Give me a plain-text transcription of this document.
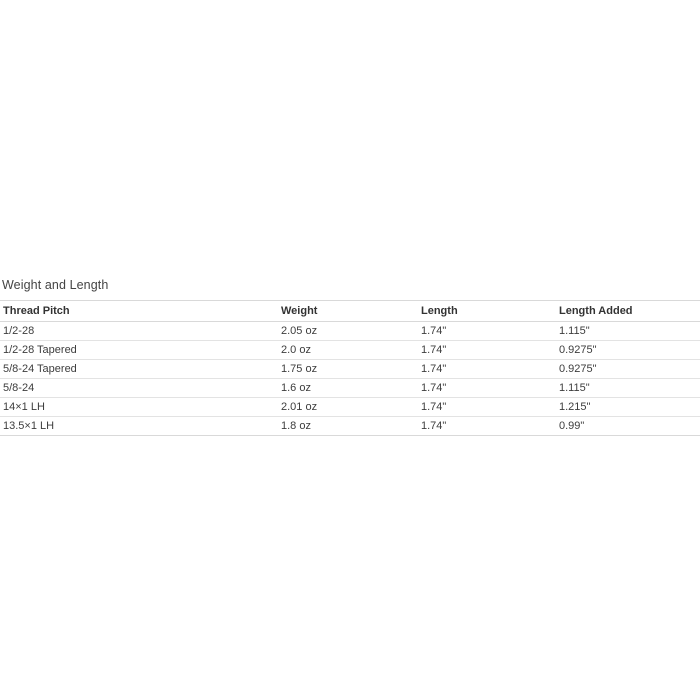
Weight and Length
Thread Pitch	Weight	Length	Length Added
1/2-28	2.05 oz	1.74"	1.115"
1/2-28 Tapered	2.0 oz	1.74"	0.9275"
5/8-24 Tapered	1.75 oz	1.74"	0.9275"
5/8-24	1.6 oz	1.74"	1.115"
14×1 LH	2.01 oz	1.74"	1.215"
13.5×1 LH	1.8 oz	1.74"	0.99"
